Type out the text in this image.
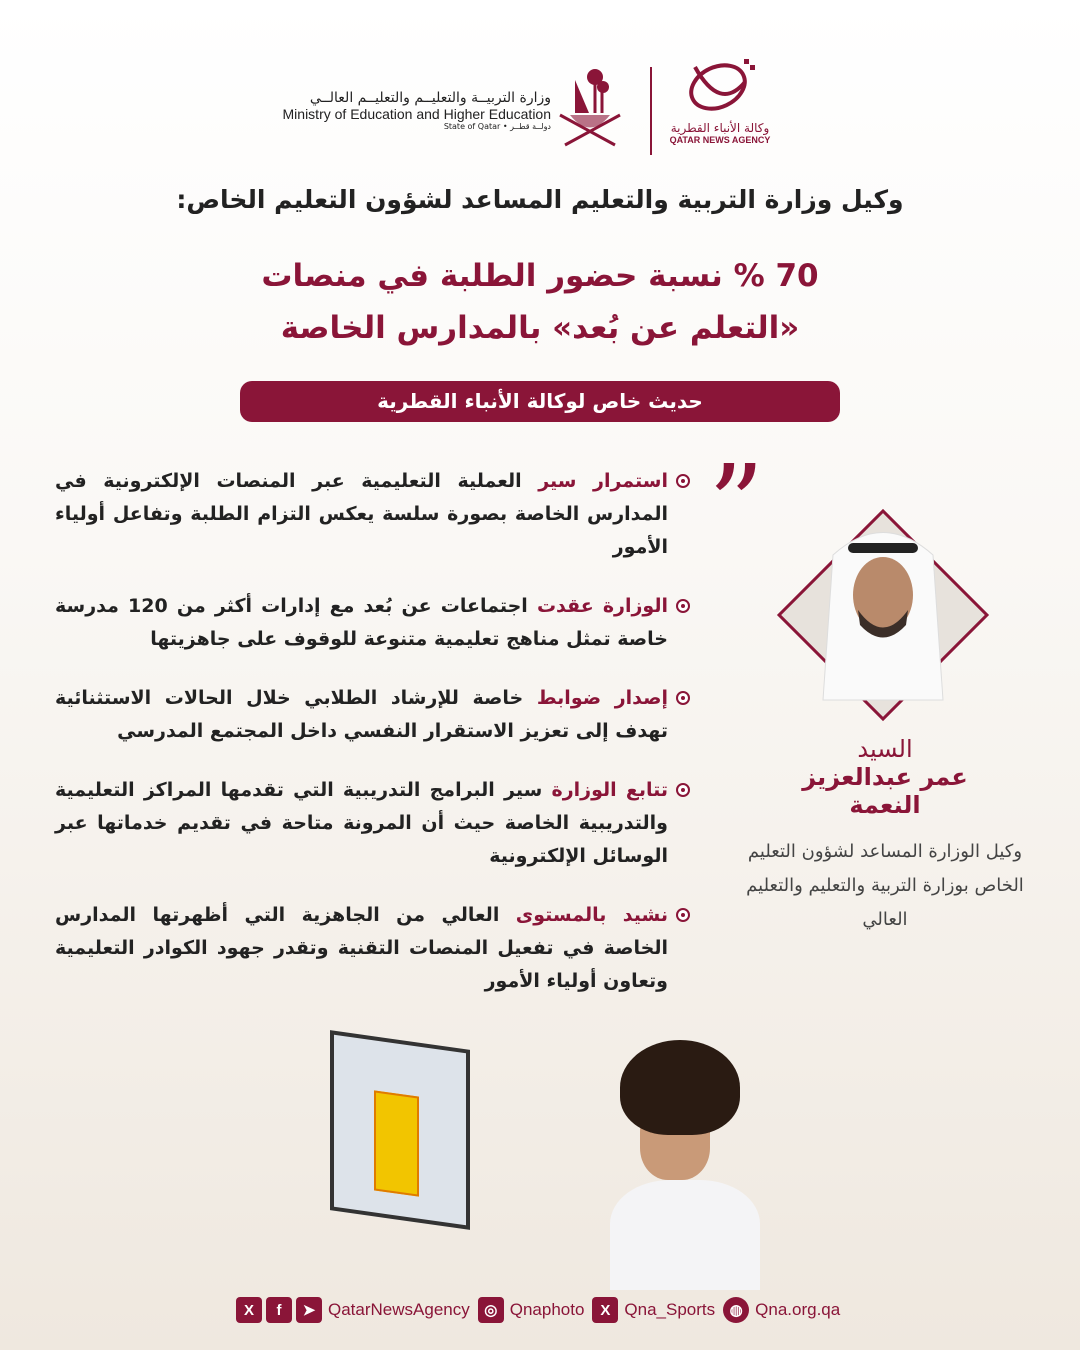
وزارة التربيــة والتعليــم والتعليــم العالــي
Ministry of Education and Higher Education
State of Qatar • دولــة قطــر	وكالة الأنباء القطرية
QATAR NEWS AGENCY
وكيل وزارة التربية والتعليم المساعد لشؤون التعليم الخاص:
70 % نسبة حضور الطلبة في منصات
«التعلم عن بُعد» بالمدارس الخاصة
حديث خاص لوكالة الأنباء القطرية
”
استمرار سير العملية التعليمية عبر المنصات الإلكترونية في المدارس الخاصة بصورة سلسة يعكس التزام الطلبة وتفاعل أولياء الأمور
الوزارة عقدت اجتماعات عن بُعد مع إدارات أكثر من 120 مدرسة خاصة تمثل مناهج تعليمية متنوعة للوقوف على جاهزيتها
إصدار ضوابط خاصة للإرشاد الطلابي خلال الحالات الاستثنائية تهدف إلى تعزيز الاستقرار النفسي داخل المجتمع المدرسي
تتابع الوزارة سير البرامج التدريبية التي تقدمها المراكز التعليمية والتدريبية الخاصة حيث أن المرونة متاحة في تقديم خدماتها عبر الوسائل الإلكترونية
نشيد بالمستوى العالي من الجاهزية التي أظهرتها المدارس الخاصة في تفعيل المنصات التقنية وتقدر جهود الكوادر التعليمية وتعاون أولياء الأمور
السيد
عمر عبدالعزيز النعمة
وكيل الوزارة المساعد لشؤون التعليم الخاص بوزارة التربية والتعليم والتعليم العالي
X	f	➤ QatarNewsAgency ◎ Qnaphoto	X Qna_Sports ◍ Qna.org.qa
